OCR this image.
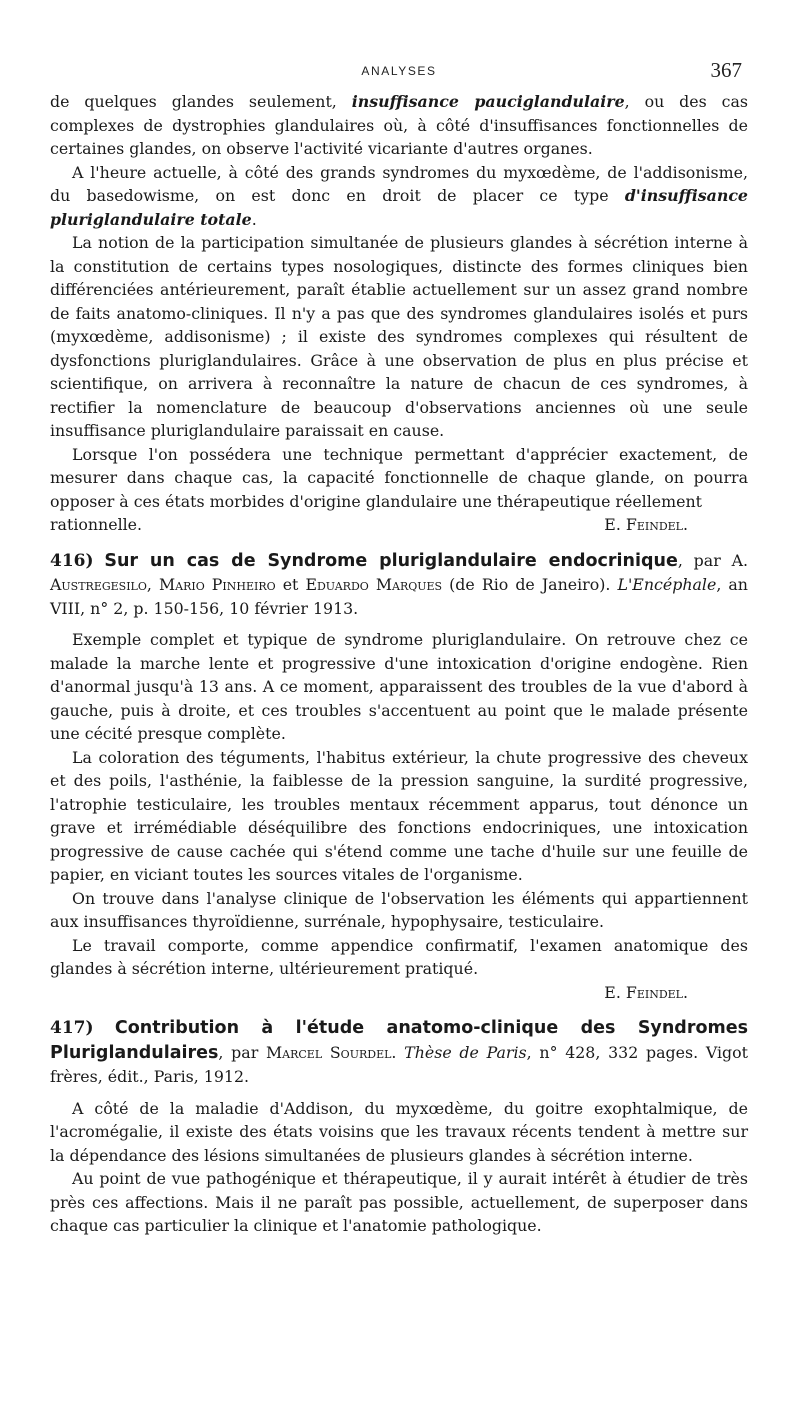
ANALYSES	367

de quelques glandes seulement, insuffisance pauciglandulaire, ou des cas complexes de dystrophies glandulaires où, à côté d'insuffisances fonctionnelles de certaines glandes, on observe l'activité vicariante d'autres organes.

A l'heure actuelle, à côté des grands syndromes du myxœdème, de l'addisonisme, du basedowisme, on est donc en droit de placer ce type d'insuffisance pluriglandulaire totale.

La notion de la participation simultanée de plusieurs glandes à sécrétion interne à la constitution de certains types nosologiques, distincte des formes cliniques bien différenciées antérieurement, paraît établie actuellement sur un assez grand nombre de faits anatomo-cliniques. Il n'y a pas que des syndromes glandulaires isolés et purs (myxœdème, addisonisme) ; il existe des syndromes complexes qui résultent de dysfonctions pluriglandulaires. Grâce à une observation de plus en plus précise et scientifique, on arrivera à reconnaître la nature de chacun de ces syndromes, à rectifier la nomenclature de beaucoup d'observations anciennes où une seule insuffisance pluriglandulaire paraissait en cause.

Lorsque l'on possédera une technique permettant d'apprécier exactement, de mesurer dans chaque cas, la capacité fonctionnelle de chaque glande, on pourra opposer à ces états morbides d'origine glandulaire une thérapeutique réellement

rationnelle.	E. Feindel.
416) Sur un cas de Syndrome pluriglandulaire endocrinique, par A. Austregesilo, Mario Pinheiro et Eduardo Marques (de Rio de Janeiro). L'Encéphale, an VIII, n° 2, p. 150-156, 10 février 1913.

Exemple complet et typique de syndrome pluriglandulaire. On retrouve chez ce malade la marche lente et progressive d'une intoxication d'origine endogène. Rien d'anormal jusqu'à 13 ans. A ce moment, apparaissent des troubles de la vue d'abord à gauche, puis à droite, et ces troubles s'accentuent au point que le malade présente une cécité presque complète.

La coloration des téguments, l'habitus extérieur, la chute progressive des cheveux et des poils, l'asthénie, la faiblesse de la pression sanguine, la surdité progressive, l'atrophie testiculaire, les troubles mentaux récemment apparus, tout dénonce un grave et irrémédiable déséquilibre des fonctions endocriniques, une intoxication progressive de cause cachée qui s'étend comme une tache d'huile sur une feuille de papier, en viciant toutes les sources vitales de l'organisme.

On trouve dans l'analyse clinique de l'observation les éléments qui appartiennent aux insuffisances thyroïdienne, surrénale, hypophysaire, testiculaire.

Le travail comporte, comme appendice confirmatif, l'examen anatomique des glandes à sécrétion interne, ultérieurement pratiqué.

E. Feindel.
417) Contribution à l'étude anatomo-clinique des Syndromes Pluriglandulaires, par Marcel Sourdel. Thèse de Paris, n° 428, 332 pages. Vigot frères, édit., Paris, 1912.

A côté de la maladie d'Addison, du myxœdème, du goitre exophtalmique, de l'acromégalie, il existe des états voisins que les travaux récents tendent à mettre sur la dépendance des lésions simultanées de plusieurs glandes à sécrétion interne.

Au point de vue pathogénique et thérapeutique, il y aurait intérêt à étudier de très près ces affections. Mais il ne paraît pas possible, actuellement, de superposer dans chaque cas particulier la clinique et l'anatomie pathologique.
